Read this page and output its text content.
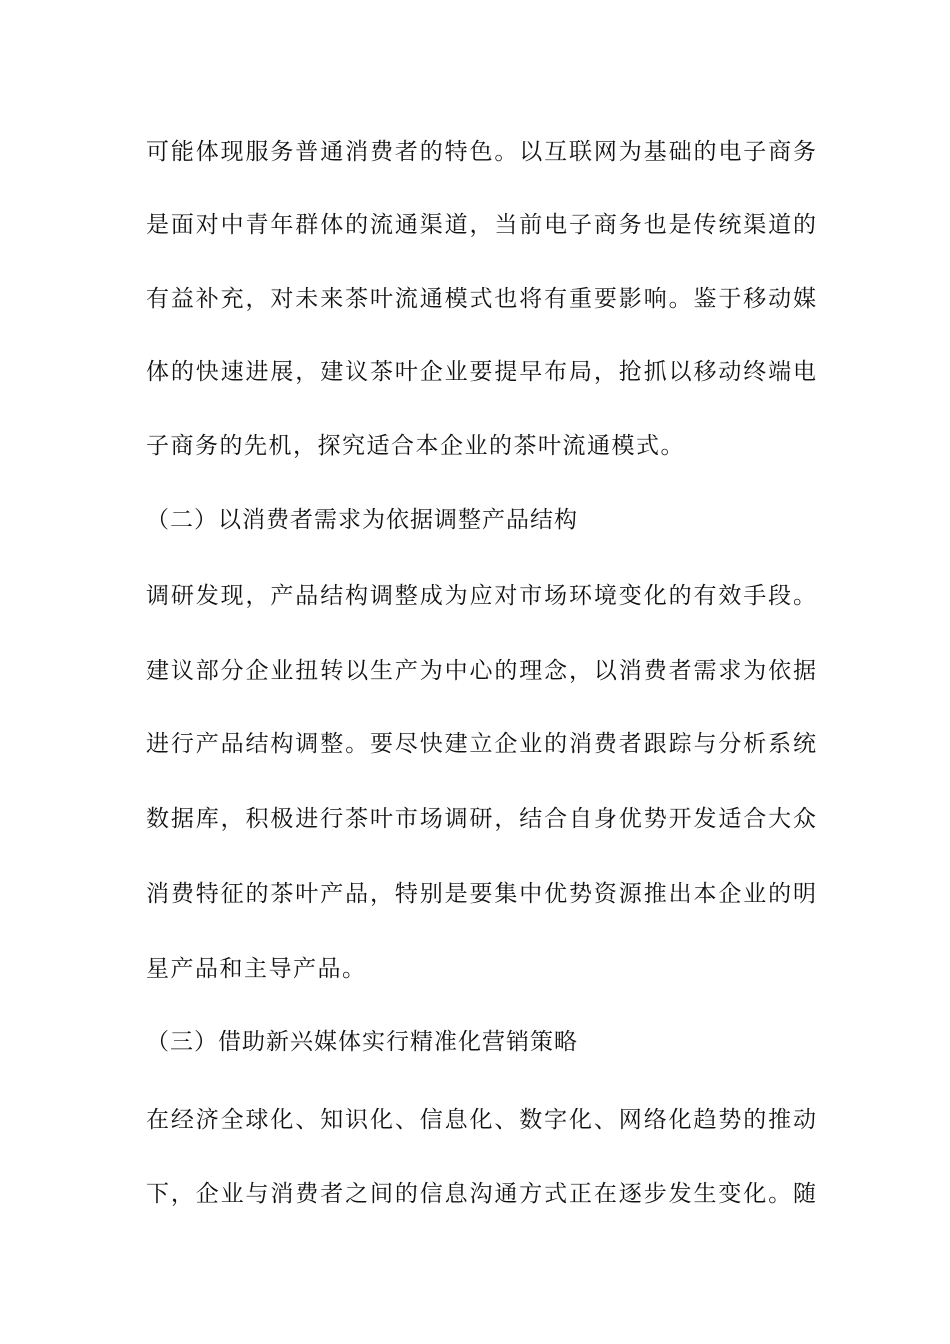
可能体现服务普通消费者的特色。以互联网为基础的电子商务
是面对中青年群体的流通渠道，当前电子商务也是传统渠道的
有益补充，对未来茶叶流通模式也将有重要影响。鉴于移动媒
体的快速进展，建议茶叶企业要提早布局，抢抓以移动终端电
子商务的先机，探究适合本企业的茶叶流通模式。
（二）以消费者需求为依据调整产品结构
调研发现，产品结构调整成为应对市场环境变化的有效手段。
建议部分企业扭转以生产为中心的理念，以消费者需求为依据
进行产品结构调整。要尽快建立企业的消费者跟踪与分析系统
数据库，积极进行茶叶市场调研，结合自身优势开发适合大众
消费特征的茶叶产品，特别是要集中优势资源推出本企业的明
星产品和主导产品。
（三）借助新兴媒体实行精准化营销策略
在经济全球化、知识化、信息化、数字化、网络化趋势的推动
下，企业与消费者之间的信息沟通方式正在逐步发生变化。随
